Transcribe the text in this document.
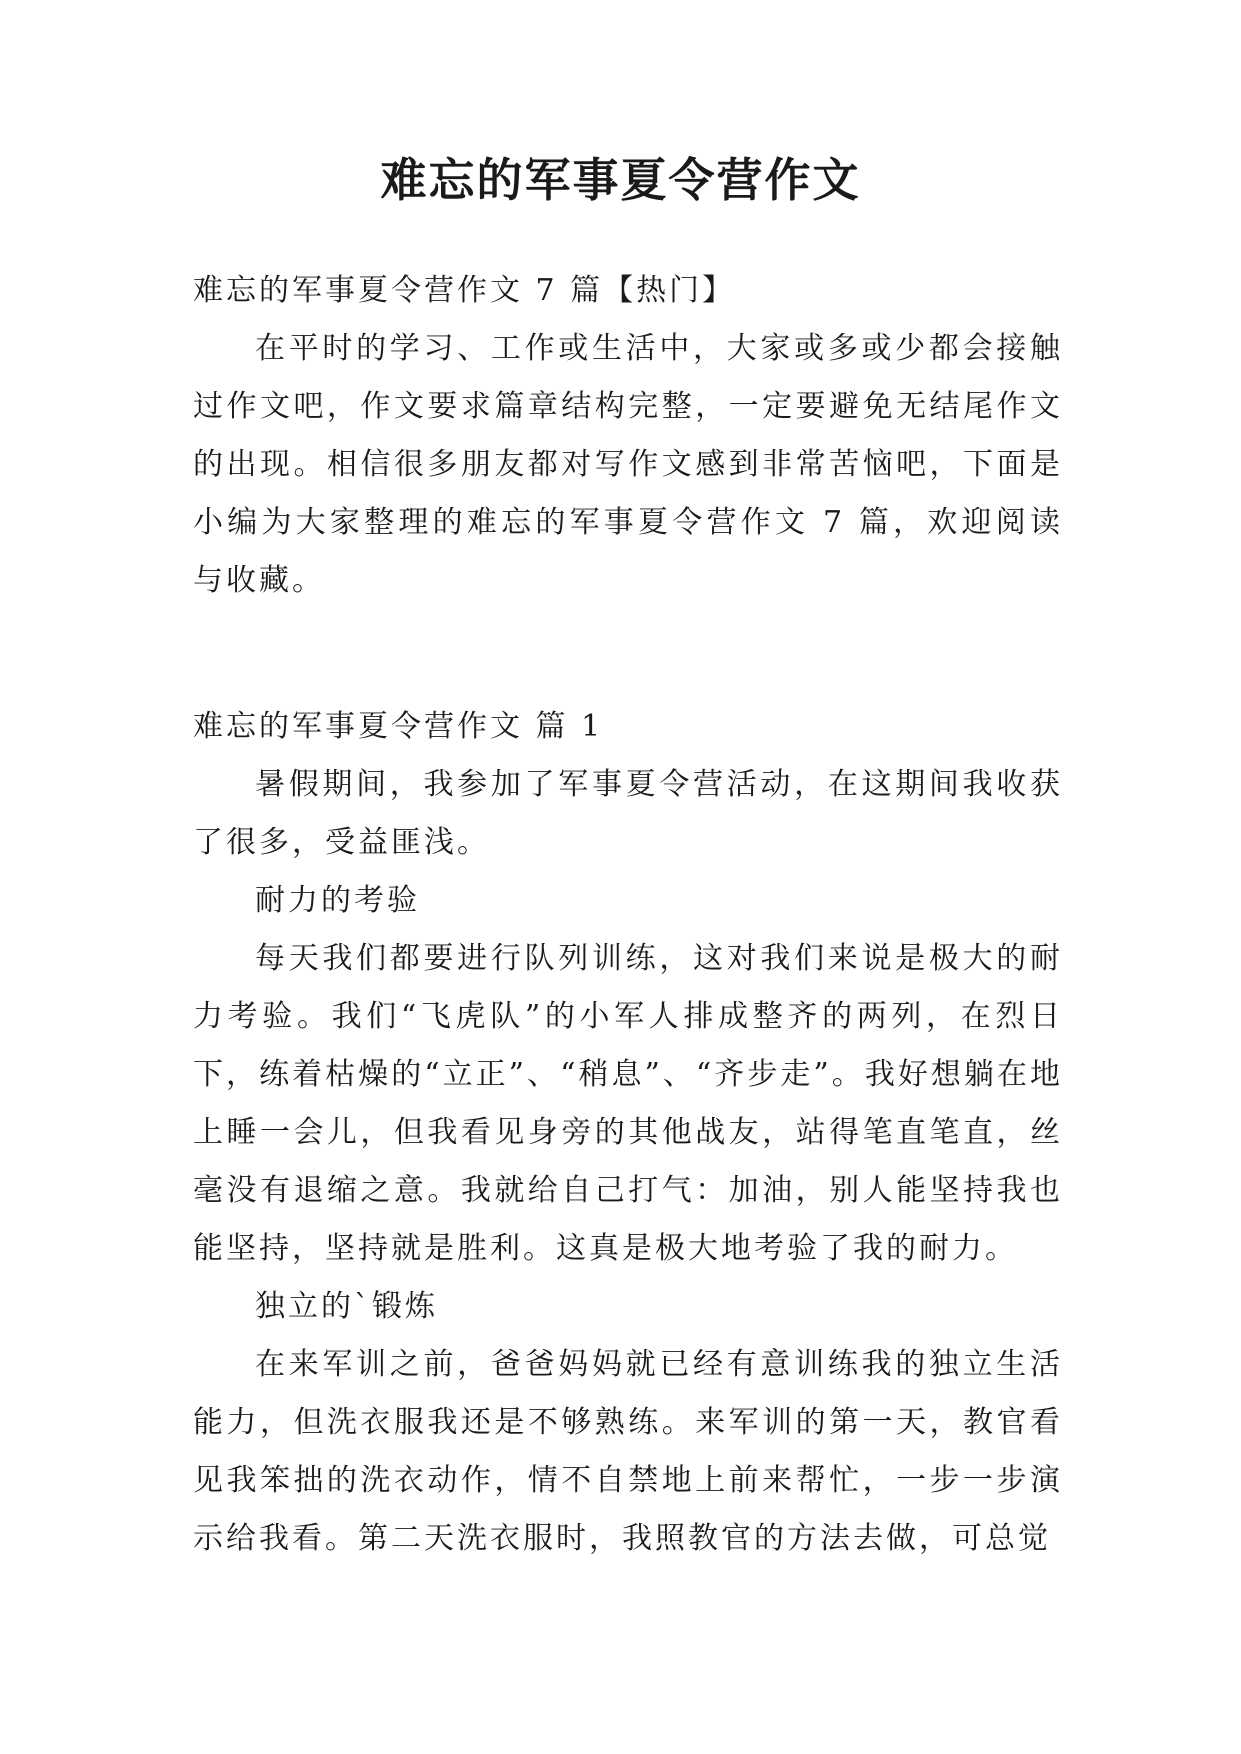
难忘的军事夏令营作文

难忘的军事夏令营作文 7 篇【热门】

在平时的学习、工作或生活中，大家或多或少都会接触过作文吧，作文要求篇章结构完整，一定要避免无结尾作文的出现。相信很多朋友都对写作文感到非常苦恼吧，下面是小编为大家整理的难忘的军事夏令营作文 7 篇，欢迎阅读与收藏。

难忘的军事夏令营作文 篇 1

暑假期间，我参加了军事夏令营活动，在这期间我收获了很多，受益匪浅。

耐力的考验

每天我们都要进行队列训练，这对我们来说是极大的耐力考验。我们“飞虎队”的小军人排成整齐的两列，在烈日下，练着枯燥的“立正”、“稍息”、“齐步走”。我好想躺在地上睡一会儿，但我看见身旁的其他战友，站得笔直笔直，丝毫没有退缩之意。我就给自己打气：加油，别人能坚持我也能坚持，坚持就是胜利。这真是极大地考验了我的耐力。

独立的`锻炼

在来军训之前，爸爸妈妈就已经有意训练我的独立生活能力，但洗衣服我还是不够熟练。来军训的第一天，教官看见我笨拙的洗衣动作，情不自禁地上前来帮忙，一步一步演示给我看。第二天洗衣服时，我照教官的方法去做，可总觉
